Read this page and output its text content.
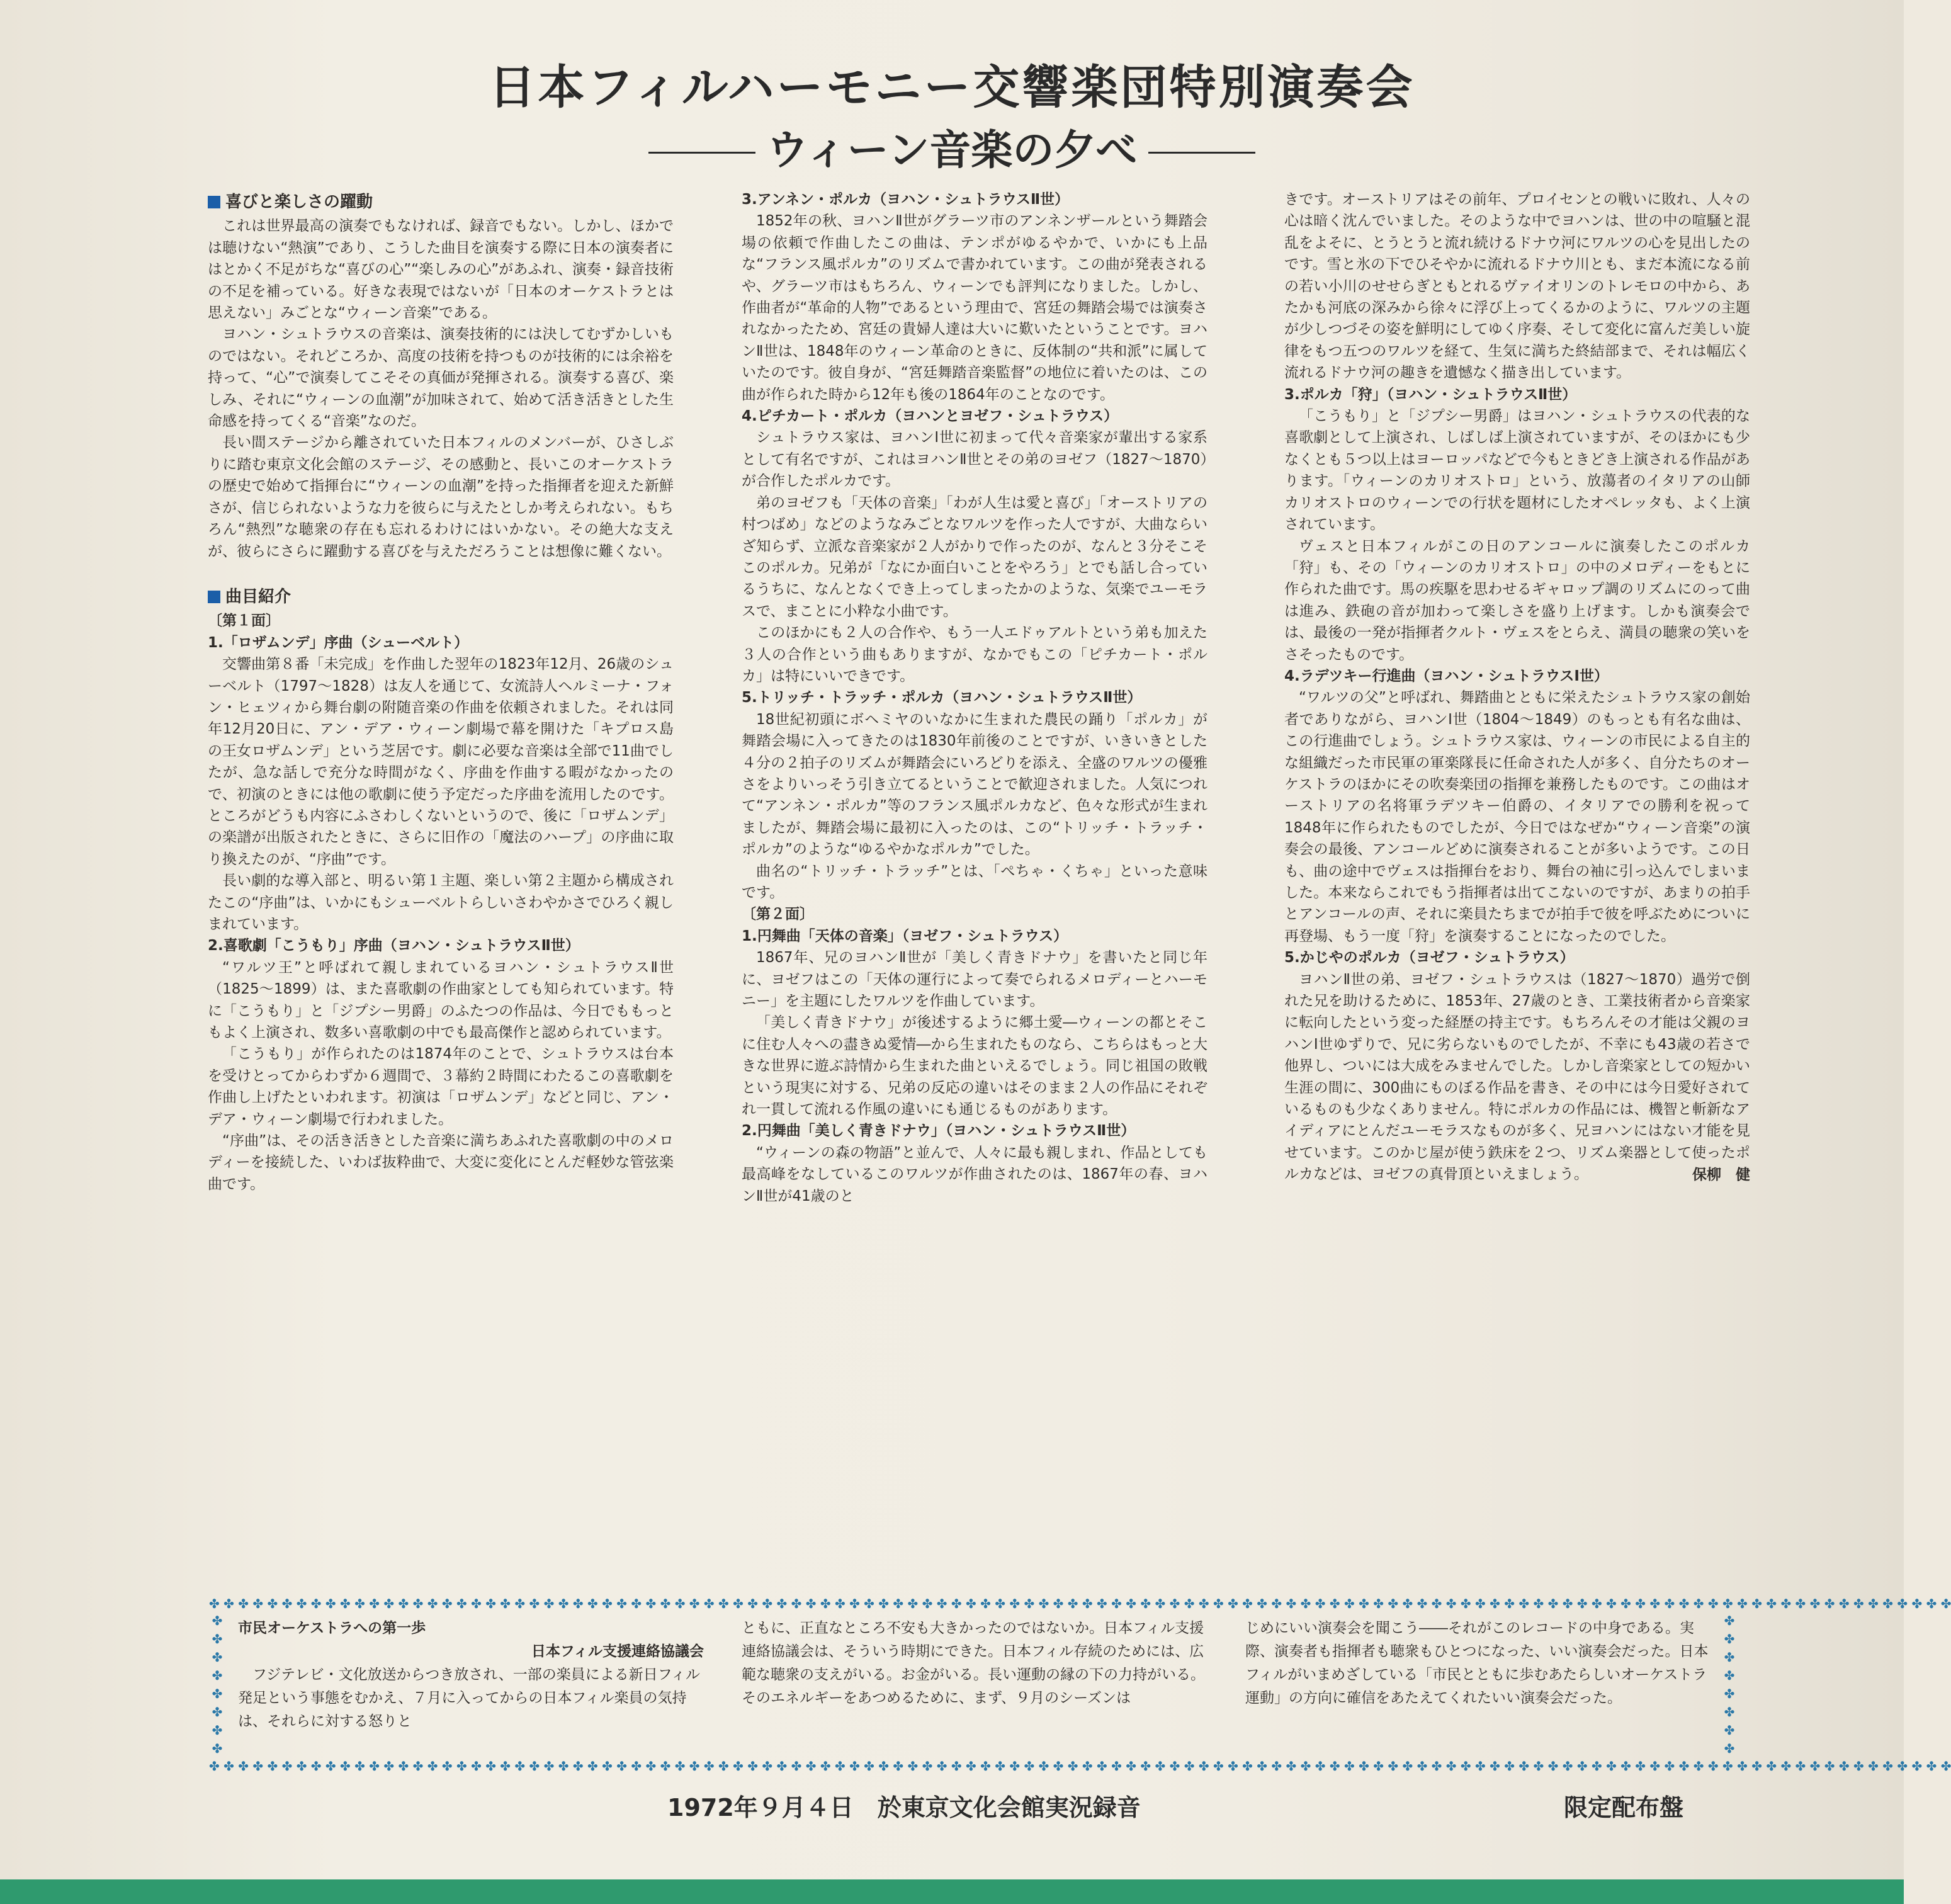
日本フィルハーモニー交響楽団特別演奏会
ウィーン音楽の夕べ
喜びと楽しさの躍動

これは世界最高の演奏でもなければ、録音でもない。しかし、ほかでは聴けない“熱演”であり、こうした曲目を演奏する際に日本の演奏者にはとかく不足がちな“喜びの心”“楽しみの心”があふれ、演奏・録音技術の不足を補っている。好きな表現ではないが「日本のオーケストラとは思えない」みごとな“ウィーン音楽”である。

ヨハン・シュトラウスの音楽は、演奏技術的には決してむずかしいものではない。それどころか、高度の技術を持つものが技術的には余裕を持って、“心”で演奏してこそその真価が発揮される。演奏する喜び、楽しみ、それに“ウィーンの血潮”が加味されて、始めて活き活きとした生命感を持ってくる“音楽”なのだ。

長い間ステージから離されていた日本フィルのメンバーが、ひさしぶりに踏む東京文化会館のステージ、その感動と、長いこのオーケストラの歴史で始めて指揮台に“ウィーンの血潮”を持った指揮者を迎えた新鮮さが、信じられないような力を彼らに与えたとしか考えられない。もちろん“熱烈”な聴衆の存在も忘れるわけにはいかない。その絶大な支えが、彼らにさらに躍動する喜びを与えただろうことは想像に難くない。

曲目紹介
〔第１面〕
1.「ロザムンデ」序曲（シューベルト）

交響曲第８番「未完成」を作曲した翌年の1823年12月、26歳のシューベルト（1797〜1828）は友人を通じて、女流詩人ヘルミーナ・フォン・ヒェツィから舞台劇の附随音楽の作曲を依頼されました。それは同年12月20日に、アン・デア・ウィーン劇場で幕を開けた「キプロス島の王女ロザムンデ」という芝居です。劇に必要な音楽は全部で11曲でしたが、急な話しで充分な時間がなく、序曲を作曲する暇がなかったので、初演のときには他の歌劇に使う予定だった序曲を流用したのです。ところがどうも内容にふさわしくないというので、後に「ロザムンデ」の楽譜が出版されたときに、さらに旧作の「魔法のハープ」の序曲に取り換えたのが、“序曲”です。

長い劇的な導入部と、明るい第１主題、楽しい第２主題から構成されたこの“序曲”は、いかにもシューベルトらしいさわやかさでひろく親しまれています。

2.喜歌劇「こうもり」序曲（ヨハン・シュトラウスⅡ世）

“ワルツ王”と呼ばれて親しまれているヨハン・シュトラウスⅡ世（1825〜1899）は、また喜歌劇の作曲家としても知られています。特に「こうもり」と「ジプシー男爵」のふたつの作品は、今日でももっともよく上演され、数多い喜歌劇の中でも最高傑作と認められています。

「こうもり」が作られたのは1874年のことで、シュトラウスは台本を受けとってからわずか６週間で、３幕約２時間にわたるこの喜歌劇を作曲し上げたといわれます。初演は「ロザムンデ」などと同じ、アン・デア・ウィーン劇場で行われました。

“序曲”は、その活き活きとした音楽に満ちあふれた喜歌劇の中のメロディーを接続した、いわば抜粋曲で、大変に変化にとんだ軽妙な管弦楽曲です。

3.アンネン・ポルカ（ヨハン・シュトラウスⅡ世）

1852年の秋、ヨハンⅡ世がグラーツ市のアンネンザールという舞踏会場の依頼で作曲したこの曲は、テンポがゆるやかで、いかにも上品な“フランス風ポルカ”のリズムで書かれています。この曲が発表されるや、グラーツ市はもちろん、ウィーンでも評判になりました。しかし、作曲者が“革命的人物”であるという理由で、宮廷の舞踏会場では演奏されなかったため、宮廷の貴婦人達は大いに歎いたということです。ヨハンⅡ世は、1848年のウィーン革命のときに、反体制の“共和派”に属していたのです。彼自身が、“宮廷舞踏音楽監督”の地位に着いたのは、この曲が作られた時から12年も後の1864年のことなのです。

4.ピチカート・ポルカ（ヨハンとヨゼフ・シュトラウス）

シュトラウス家は、ヨハンⅠ世に初まって代々音楽家が輩出する家系として有名ですが、これはヨハンⅡ世とその弟のヨゼフ（1827〜1870）が合作したポルカです。

弟のヨゼフも「天体の音楽」「わが人生は愛と喜び」「オーストリアの村つばめ」などのようなみごとなワルツを作った人ですが、大曲ならいざ知らず、立派な音楽家が２人がかりで作ったのが、なんと３分そこそこのポルカ。兄弟が「なにか面白いことをやろう」とでも話し合っているうちに、なんとなくでき上ってしまったかのような、気楽でユーモラスで、まことに小粋な小曲です。

このほかにも２人の合作や、もう一人エドゥアルトという弟も加えた３人の合作という曲もありますが、なかでもこの「ピチカート・ポルカ」は特にいいできです。

5.トリッチ・トラッチ・ポルカ（ヨハン・シュトラウスⅡ世）

18世紀初頭にボヘミヤのいなかに生まれた農民の踊り「ポルカ」が舞踏会場に入ってきたのは1830年前後のことですが、いきいきとした４分の２拍子のリズムが舞踏会にいろどりを添え、全盛のワルツの優雅さをよりいっそう引き立てるということで歓迎されました。人気につれて“アンネン・ポルカ”等のフランス風ポルカなど、色々な形式が生まれましたが、舞踏会場に最初に入ったのは、この“トリッチ・トラッチ・ポルカ”のような“ゆるやかなポルカ”でした。

曲名の“トリッチ・トラッチ”とは、「ぺちゃ・くちゃ」といった意味です。

〔第２面〕
1.円舞曲「天体の音楽」（ヨゼフ・シュトラウス）

1867年、兄のヨハンⅡ世が「美しく青きドナウ」を書いたと同じ年に、ヨゼフはこの「天体の運行によって奏でられるメロディーとハーモニー」を主題にしたワルツを作曲しています。

「美しく青きドナウ」が後述するように郷土愛―ウィーンの都とそこに住む人々への盡きぬ愛情―から生まれたものなら、こちらはもっと大きな世界に遊ぶ詩情から生まれた曲といえるでしょう。同じ祖国の敗戦という現実に対する、兄弟の反応の違いはそのまま２人の作品にそれぞれ一貫して流れる作風の違いにも通じるものがあります。

2.円舞曲「美しく青きドナウ」（ヨハン・シュトラウスⅡ世）

“ウィーンの森の物語”と並んで、人々に最も親しまれ、作品としても最高峰をなしているこのワルツが作曲されたのは、1867年の春、ヨハンⅡ世が41歳のと

きです。オーストリアはその前年、プロイセンとの戦いに敗れ、人々の心は暗く沈んでいました。そのような中でヨハンは、世の中の喧騒と混乱をよそに、とうとうと流れ続けるドナウ河にワルツの心を見出したのです。雪と氷の下でひそやかに流れるドナウ川とも、まだ本流になる前の若い小川のせせらぎともとれるヴァイオリンのトレモロの中から、あたかも河底の深みから徐々に浮び上ってくるかのように、ワルツの主題が少しつづその姿を鮮明にしてゆく序奏、そして変化に富んだ美しい旋律をもつ五つのワルツを経て、生気に満ちた終結部まで、それは幅広く流れるドナウ河の趣きを遺憾なく描き出しています。

3.ポルカ「狩」（ヨハン・シュトラウスⅡ世）

「こうもり」と「ジプシー男爵」はヨハン・シュトラウスの代表的な喜歌劇として上演され、しばしば上演されていますが、そのほかにも少なくとも５つ以上はヨーロッパなどで今もときどき上演される作品があります。「ウィーンのカリオストロ」という、放蕩者のイタリアの山師カリオストロのウィーンでの行状を題材にしたオペレッタも、よく上演されています。

ヴェスと日本フィルがこの日のアンコールに演奏したこのポルカ「狩」も、その「ウィーンのカリオストロ」の中のメロディーをもとに作られた曲です。馬の疾駆を思わせるギャロップ調のリズムにのって曲は進み、鉄砲の音が加わって楽しさを盛り上げます。しかも演奏会では、最後の一発が指揮者クルト・ヴェスをとらえ、満員の聴衆の笑いをさそったものです。

4.ラデツキー行進曲（ヨハン・シュトラウスⅠ世）

“ワルツの父”と呼ばれ、舞踏曲とともに栄えたシュトラウス家の創始者でありながら、ヨハンⅠ世（1804〜1849）のもっとも有名な曲は、この行進曲でしょう。シュトラウス家は、ウィーンの市民による自主的な組織だった市民軍の軍楽隊長に任命された人が多く、自分たちのオーケストラのほかにその吹奏楽団の指揮を兼務したものです。この曲はオーストリアの名将軍ラデツキー伯爵の、イタリアでの勝利を祝って1848年に作られたものでしたが、今日ではなぜか“ウィーン音楽”の演奏会の最後、アンコールどめに演奏されることが多いようです。この日も、曲の途中でヴェスは指揮台をおり、舞台の袖に引っ込んでしまいました。本来ならこれでもう指揮者は出てこないのですが、あまりの拍手とアンコールの声、それに楽員たちまでが拍手で彼を呼ぶためについに再登場、もう一度「狩」を演奏することになったのでした。

5.かじやのポルカ（ヨゼフ・シュトラウス）

ヨハンⅡ世の弟、ヨゼフ・シュトラウスは（1827〜1870）過労で倒れた兄を助けるために、1853年、27歳のとき、工業技術者から音楽家に転向したという変った経歴の持主です。もちろんその才能は父親のヨハンⅠ世ゆずりで、兄に劣らないものでしたが、不幸にも43歳の若さで他界し、ついには大成をみませんでした。しかし音楽家としての短かい生涯の間に、300曲にものぼる作品を書き、その中には今日愛好されているものも少なくありません。特にポルカの作品には、機智と斬新なアイディアにとんだユーモラスなものが多く、兄ヨハンにはない才能を見せています。このかじ屋が使う鉄床を２つ、リズム楽器として使ったポルカなどは、ヨゼフの真骨頂といえましょう。	保柳　健
✤ ✤ ✤ ✤ ✤ ✤ ✤ ✤ ✤ ✤ ✤ ✤ ✤ ✤ ✤ ✤ ✤ ✤ ✤ ✤ ✤ ✤ ✤ ✤ ✤ ✤ ✤ ✤ ✤ ✤ ✤ ✤ ✤ ✤ ✤ ✤ ✤ ✤ ✤ ✤ ✤ ✤ ✤ ✤ ✤ ✤ ✤ ✤ ✤ ✤ ✤ ✤ ✤ ✤ ✤ ✤ ✤ ✤ ✤ ✤ ✤ ✤ ✤ ✤ ✤ ✤ ✤ ✤ ✤ ✤ ✤ ✤ ✤ ✤ ✤ ✤ ✤ ✤ ✤ ✤ ✤ ✤ ✤ ✤ ✤ ✤ ✤ ✤ ✤ ✤ ✤ ✤ ✤ ✤ ✤ ✤ ✤ ✤ ✤ ✤ ✤ ✤ ✤ ✤ ✤ ✤ ✤ ✤ ✤ ✤ ✤ ✤ ✤ ✤ ✤ ✤ ✤ ✤ ✤ ✤
✤ ✤ ✤ ✤ ✤ ✤ ✤ ✤ ✤ ✤ ✤ ✤ ✤ ✤ ✤ ✤ ✤ ✤ ✤ ✤ ✤ ✤ ✤ ✤ ✤ ✤ ✤ ✤ ✤ ✤ ✤ ✤ ✤ ✤ ✤ ✤ ✤ ✤ ✤ ✤ ✤ ✤ ✤ ✤ ✤ ✤ ✤ ✤ ✤ ✤ ✤ ✤ ✤ ✤ ✤ ✤ ✤ ✤ ✤ ✤ ✤ ✤ ✤ ✤ ✤ ✤ ✤ ✤ ✤ ✤ ✤ ✤ ✤ ✤ ✤ ✤ ✤ ✤ ✤ ✤ ✤ ✤ ✤ ✤ ✤ ✤ ✤ ✤ ✤ ✤ ✤ ✤ ✤ ✤ ✤ ✤ ✤ ✤ ✤ ✤ ✤ ✤ ✤ ✤ ✤ ✤ ✤ ✤ ✤ ✤ ✤ ✤ ✤ ✤ ✤ ✤ ✤ ✤ ✤ ✤
✤
✤
✤
✤
✤
✤
✤
✤
✤
✤
✤
✤
✤
✤
✤
✤
市民オーケストラへの第一歩
日本フィル支援連絡協議会

フジテレビ・文化放送からつき放され、一部の楽員による新日フィル発足という事態をむかえ、７月に入ってからの日本フィル楽員の気持は、それらに対する怒りと

ともに、正直なところ不安も大きかったのではないか。日本フィル支援連絡協議会は、そういう時期にできた。日本フィル存続のためには、広範な聴衆の支えがいる。お金がいる。長い運動の縁の下の力持がいる。そのエネルギーをあつめるために、まず、９月のシーズンは

じめにいい演奏会を聞こう――それがこのレコードの中身である。実際、演奏者も指揮者も聴衆もひとつになった、いい演奏会だった。日本フィルがいまめざしている「市民とともに歩むあたらしいオーケストラ運動」の方向に確信をあたえてくれたいい演奏会だった。

1972年９月４日　於東京文化会館実況録音	限定配布盤
